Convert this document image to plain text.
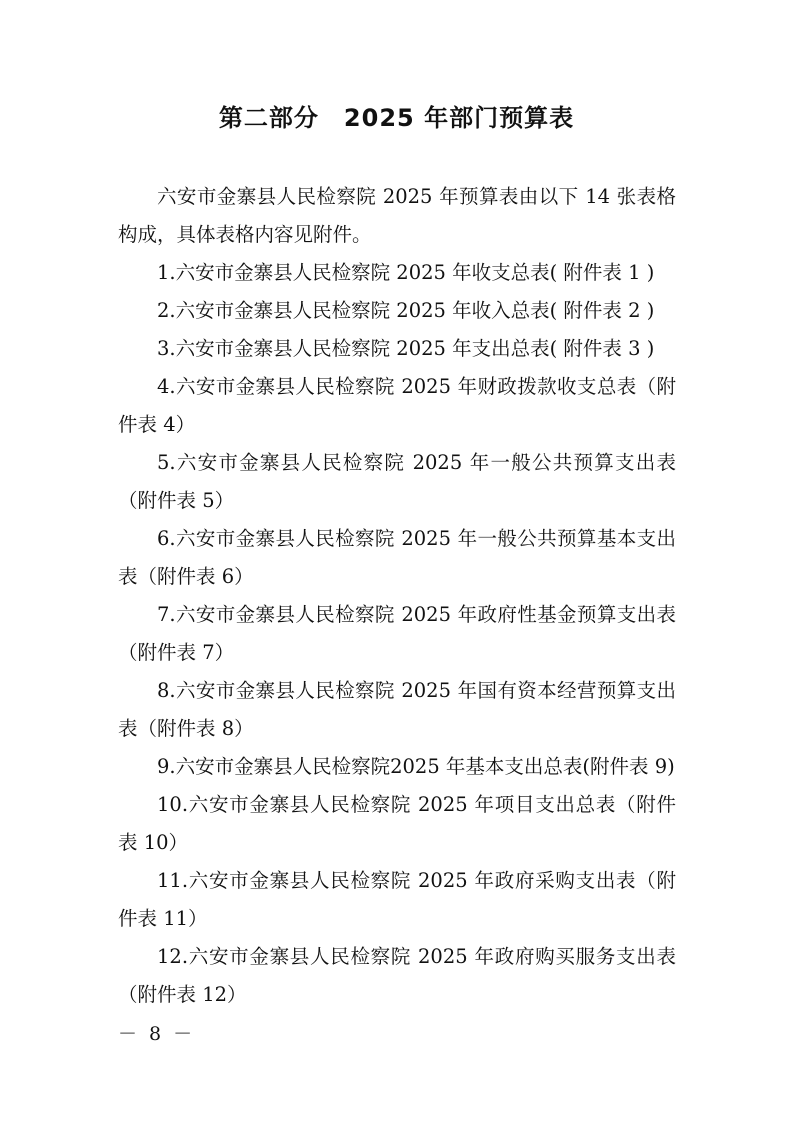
第二部分　2025 年部门预算表

六安市金寨县人民检察院 2025 年预算表由以下 14 张表格构成，具体表格内容见附件。

1.六安市金寨县人民检察院 2025 年收支总表( 附件表 1 )

2.六安市金寨县人民检察院 2025 年收入总表( 附件表 2 )

3.六安市金寨县人民检察院 2025 年支出总表( 附件表 3 )

4.六安市金寨县人民检察院 2025 年财政拨款收支总表（附件表 4）

5.六安市金寨县人民检察院 2025 年一般公共预算支出表（附件表 5）

6.六安市金寨县人民检察院 2025 年一般公共预算基本支出表（附件表 6）

7.六安市金寨县人民检察院 2025 年政府性基金预算支出表（附件表 7）

8.六安市金寨县人民检察院 2025 年国有资本经营预算支出表（附件表 8）

9.六安市金寨县人民检察院2025 年基本支出总表(附件表 9)

10.六安市金寨县人民检察院 2025 年项目支出总表（附件表 10）

11.六安市金寨县人民检察院 2025 年政府采购支出表（附件表 11）

12.六安市金寨县人民检察院 2025 年政府购买服务支出表（附件表 12）

－ 8 －
